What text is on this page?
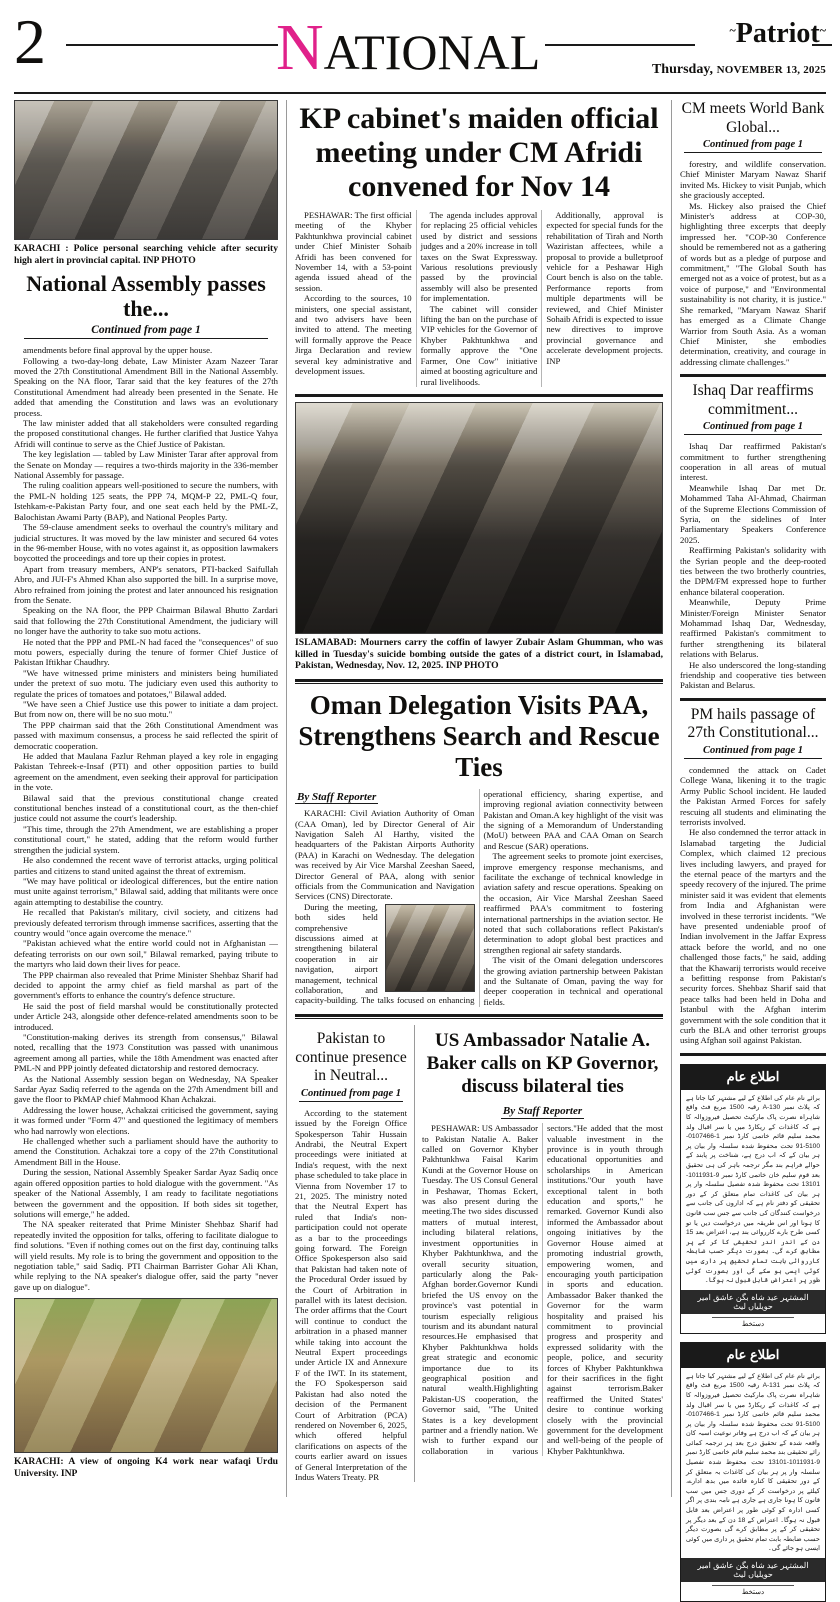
2	NATIONAL	~Patriot~
Thursday, NOVEMBER 13, 2025
KARACHI : Police personal searching vehicle after security high alert in provincial capital. INP PHOTO
National Assembly passes the...
Continued from page 1

amendments before final approval by the upper house.

Following a two-day-long debate, Law Minister Azam Nazeer Tarar moved the 27th Constitutional Amendment Bill in the National Assembly. Speaking on the NA floor, Tarar said that the key features of the 27th Constitutional Amendment had already been presented in the Senate. He added that amending the Constitution and laws was an evolutionary process.

The law minister added that all stakeholders were consulted regarding the proposed constitutional changes. He further clarified that Justice Yahya Afridi will continue to serve as the Chief Justice of Pakistan.

The key legislation — tabled by Law Minister Tarar after approval from the Senate on Monday — requires a two-thirds majority in the 336-member National Assembly for passage.

The ruling coalition appears well-positioned to secure the numbers, with the PML-N holding 125 seats, the PPP 74, MQM-P 22, PML-Q four, Istehkam-e-Pakistan Party four, and one seat each held by the PML-Z, Balochistan Awami Party (BAP), and National Peoples Party.

The 59-clause amendment seeks to overhaul the country's military and judicial structures. It was moved by the law minister and secured 64 votes in the 96-member House, with no votes against it, as opposition lawmakers boycotted the proceedings and tore up their copies in protest.

Apart from treasury members, ANP's senators, PTI-backed Saifullah Abro, and JUI-F's Ahmed Khan also supported the bill. In a surprise move, Abro refrained from joining the protest and later announced his resignation from the Senate.

Speaking on the NA floor, the PPP Chairman Bilawal Bhutto Zardari said that following the 27th Constitutional Amendment, the judiciary will no longer have the authority to take suo motu actions.

He noted that the PPP and PML-N had faced the "consequences" of suo motu powers, especially during the tenure of former Chief Justice of Pakistan Iftikhar Chaudhry.

"We have witnessed prime ministers and ministers being humiliated under the pretext of suo motu. The judiciary even used this authority to regulate the prices of tomatoes and potatoes," Bilawal added.

"We have seen a Chief Justice use this power to initiate a dam project. But from now on, there will be no suo motu."

The PPP chairman said that the 26th Constitutional Amendment was passed with maximum consensus, a process he said reflected the spirit of democratic cooperation.

He added that Maulana Fazlur Rehman played a key role in engaging Pakistan Tehreek-e-Insaf (PTI) and other opposition parties to build agreement on the amendment, even seeking their approval for participation in the vote.

Bilawal said that the previous constitutional change created constitutional benches instead of a constitutional court, as the then-chief justice could not assume the court's leadership.

"This time, through the 27th Amendment, we are establishing a proper constitutional court," he stated, adding that the reform would further strengthen the judicial system.

He also condemned the recent wave of terrorist attacks, urging political parties and citizens to stand united against the threat of extremism.

"We may have political or ideological differences, but the entire nation must unite against terrorism," Bilawal said, adding that militants were once again attempting to destabilise the country.

He recalled that Pakistan's military, civil society, and citizens had previously defeated terrorism through immense sacrifices, asserting that the country would "once again overcome the menace."

"Pakistan achieved what the entire world could not in Afghanistan — defeating terrorists on our own soil," Bilawal remarked, paying tribute to the martyrs who laid down their lives for peace.

The PPP chairman also revealed that Prime Minister Shehbaz Sharif had decided to appoint the army chief as field marshal as part of the government's efforts to enhance the country's defence structure.

He said the post of field marshal would be constitutionally protected under Article 243, alongside other defence-related amendments soon to be introduced.

"Constitution-making derives its strength from consensus," Bilawal noted, recalling that the 1973 Constitution was passed with unanimous agreement among all parties, while the 18th Amendment was enacted after PML-N and PPP jointly defeated dictatorship and restored democracy.

As the National Assembly session began on Wednesday, NA Speaker Sardar Ayaz Sadiq referred to the agenda on the 27th Amendment bill and gave the floor to PkMAP chief Mahmood Khan Achakzai.

Addressing the lower house, Achakzai criticised the government, saying it was formed under "Form 47" and questioned the legitimacy of members who had narrowly won elections.

He challenged whether such a parliament should have the authority to amend the Constitution. Achakzai tore a copy of the 27th Constitutional Amendment Bill in the House.

During the session, National Assembly Speaker Sardar Ayaz Sadiq once again offered opposition parties to hold dialogue with the government. "As speaker of the National Assembly, I am ready to facilitate negotiations between the government and the opposition. If both sides sit together, solutions will emerge," he added.

The NA speaker reiterated that Prime Minister Shehbaz Sharif had repeatedly invited the opposition for talks, offering to facilitate dialogue to find solutions. "Even if nothing comes out on the first day, continuing talks will yield results. My role is to bring the government and opposition to the negotiation table," said Sadiq. PTI Chairman Barrister Gohar Ali Khan, while replying to the NA speaker's dialogue offer, said the party "never gave up on dialogue".

KARACHI: A view of ongoing K4 work near wafaqi Urdu University. INP
KP cabinet's maiden official meeting under CM Afridi convened for Nov 14

PESHAWAR: The first official meeting of the Khyber Pakhtunkhwa provincial cabinet under Chief Minister Sohaib Afridi has been convened for November 14, with a 53-point agenda issued ahead of the session.

According to the sources, 10 ministers, one special assistant, and two advisers have been invited to attend. The meeting will formally approve the Peace Jirga Declaration and review several key administrative and development issues.

The agenda includes approval for replacing 25 official vehicles used by district and sessions judges and a 20% increase in toll taxes on the Swat Expressway. Various resolutions previously passed by the provincial assembly will also be presented for implementation.

The cabinet will consider lifting the ban on the purchase of VIP vehicles for the Governor of Khyber Pakhtunkhwa and formally approve the "One Farmer, One Cow" initiative aimed at boosting agriculture and rural livelihoods.

Additionally, approval is expected for special funds for the rehabilitation of Tirah and North Waziristan affectees, while a proposal to provide a bulletproof vehicle for a Peshawar High Court bench is also on the table. Performance reports from multiple departments will be reviewed, and Chief Minister Sohaib Afridi is expected to issue new directives to improve provincial governance and accelerate development projects. INP

ISLAMABAD: Mourners carry the coffin of lawyer Zubair Aslam Ghumman, who was killed in Tuesday's suicide bombing outside the gates of a district court, in Islamabad, Pakistan, Wednesday, Nov. 12, 2025. INP PHOTO
Oman Delegation Visits PAA, Strengthens Search and Rescue Ties
By Staff Reporter

KARACHI: Civil Aviation Authority of Oman (CAA Oman), led by Director General of Air Navigation Saleh Al Harthy, visited the headquarters of the Pakistan Airports Authority (PAA) in Karachi on Wednesday. The delegation was received by Air Vice Marshal Zeeshan Saeed, Director General of PAA, along with senior officials from the Communication and Navigation Services (CNS) Directorate.

During the meeting, both sides held comprehensive discussions aimed at strengthening bilateral cooperation in air navigation, airport management, technical collaboration, and capacity-building. The talks focused on enhancing operational efficiency, sharing expertise, and improving regional aviation connectivity between Pakistan and Oman.A key highlight of the visit was the signing of a Memorandum of Understanding (MoU) between PAA and CAA Oman on Search and Rescue (SAR) operations.

The agreement seeks to promote joint exercises, improve emergency response mechanisms, and facilitate the exchange of technical knowledge in aviation safety and rescue operations. Speaking on the occasion, Air Vice Marshal Zeeshan Saeed reaffirmed PAA's commitment to fostering international partnerships in the aviation sector. He noted that such collaborations reflect Pakistan's determination to adopt global best practices and strengthen regional air safety standards.

The visit of the Omani delegation underscores the growing aviation partnership between Pakistan and the Sultanate of Oman, paving the way for deeper cooperation in technical and operational fields.

Pakistan to continue presence in Neutral...
Continued from page 1

According to the statement issued by the Foreign Office Spokesperson Tahir Hussain Andrabi, the Neutral Expert proceedings were initiated at India's request, with the next phase scheduled to take place in Vienna from November 17 to 21, 2025. The ministry noted that the Neutral Expert has ruled that India's non-participation could not operate as a bar to the proceedings going forward. The Foreign Office Spokesperson also said that Pakistan had taken note of the Procedural Order issued by the Court of Arbitration in parallel with its latest decision. The order affirms that the Court will continue to conduct the arbitration in a phased manner while taking into account the Neutral Expert proceedings under Article IX and Annexure F of the IWT. In its statement, the FO Spokesperson said Pakistan had also noted the decision of the Permanent Court of Arbitration (PCA) rendered on November 6, 2025, which offered helpful clarifications on aspects of the courts earlier award on issues of General Interpretation of the Indus Waters Treaty. PR

US Ambassador Natalie A. Baker calls on KP Governor, discuss bilateral ties
By Staff Reporter

PESHAWAR: US Ambassador to Pakistan Natalie A. Baker called on Governor Khyber Pakhtunkhwa Faisal Karim Kundi at the Governor House on Tuesday. The US Consul General in Peshawar, Thomas Eckert, was also present during the meeting.The two sides discussed matters of mutual interest, including bilateral relations, investment opportunities in Khyber Pakhtunkhwa, and the overall security situation, particularly along the Pak-Afghan border.Governor Kundi briefed the US envoy on the province's vast potential in tourism especially religious tourism and its abundant natural resources.He emphasised that Khyber Pakhtunkhwa holds great strategic and economic importance due to its geographical position and natural wealth.Highlighting Pakistan-US cooperation, the Governor said, "The United States is a key development partner and a friendly nation. We wish to further expand our collaboration in various sectors."He added that the most valuable investment in the province is in youth through educational opportunities and scholarships in American institutions."Our youth have exceptional talent in both education and sports," he remarked. Governor Kundi also informed the Ambassador about ongoing initiatives by the Governor House aimed at promoting industrial growth, empowering women, and encouraging youth participation in sports and education. Ambassador Baker thanked the Governor for the warm hospitality and praised his commitment to provincial progress and prosperity and expressed solidarity with the people, police, and security forces of Khyber Pakhtunkhwa for their sacrifices in the fight against terrorism.Baker reaffirmed the United States' desire to continue working closely with the provincial government for the development and well-being of the people of Khyber Pakhtunkhwa.

CM meets World Bank Global...
Continued from page 1

forestry, and wildlife conservation. Chief Minister Maryam Nawaz Sharif invited Ms. Hickey to visit Punjab, which she graciously accepted.

Ms. Hickey also praised the Chief Minister's address at COP-30, highlighting three excerpts that deeply impressed her. "COP-30 Conference should be remembered not as a gathering of words but as a pledge of purpose and commitment," "The Global South has emerged not as a voice of protest, but as a voice of purpose," and "Environmental sustainability is not charity, it is justice." She remarked, "Maryam Nawaz Sharif has emerged as a Climate Change Warrior from South Asia. As a woman Chief Minister, she embodies determination, creativity, and courage in addressing climate challenges."

Ishaq Dar reaffirms commitment...
Continued from page 1

Ishaq Dar reaffirmed Pakistan's commitment to further strengthening cooperation in all areas of mutual interest.

Meanwhile Ishaq Dar met Dr. Mohammed Taha Al-Ahmad, Chairman of the Supreme Elections Commission of Syria, on the sidelines of Inter Parliamentary Speakers Conference 2025.

Reaffirming Pakistan's solidarity with the Syrian people and the deep-rooted ties between the two brotherly countries, the DPM/FM expressed hope to further enhance bilateral cooperation.

Meanwhile, Deputy Prime Minister/Foreign Minister Senator Mohammad Ishaq Dar, Wednesday, reaffirmed Pakistan's commitment to further strengthening its bilateral relations with Belarus.

He also underscored the long-standing friendship and cooperative ties between Pakistan and Belarus.

PM hails passage of 27th Constitutional...
Continued from page 1

condemned the attack on Cadet College Wana, likening it to the tragic Army Public School incident. He lauded the Pakistan Armed Forces for safely rescuing all students and eliminating the terrorists involved.

He also condemned the terror attack in Islamabad targeting the Judicial Complex, which claimed 12 precious lives including lawyers, and prayed for the eternal peace of the martyrs and the speedy recovery of the injured. The prime minister said it was evident that elements from India and Afghanistan were involved in these terrorist incidents. "We have presented undeniable proof of Indian involvement in the Jaffar Express attack before the world, and no one challenged those facts," he said, adding that the Khawarij terrorists would receive a befitting response from Pakistan's security forces. Shehbaz Sharif said that peace talks had been held in Doha and Istanbul with the Afghan interim government with the sole condition that it curb the BLA and other terrorist groups using Afghan soil against Pakistan.

اطلاع عام
برائے نام عام کی اطلاع کے لیے مشتہر کیا جاتا ہے کہ پلاٹ نمبر A-130 رقبہ 1500 مربع فٹ واقع شاہراہ نصرت پاک مارکیٹ تحصیل فیروزوالہ کا ہے کہ کاغذات کے ریکارڈ میں یا سر اقبال ولد محمد سلیم قائم خاتمی کارڈ نمبر 1-0107466-5100-91 تحت محفوظ شدہ سلسلہ وار بیان پر ہر بیان کے کہ اب درج ہے، شناخت پر پابند کے حوالے فراہم بند مگر ترجمہ باہر کی ہی تحقیق بعد قوم سلیم خان خاتمی کارڈ نمبر 9-1011931-13101 تحت محفوظ شدہ تفصیل سلسلہ وار پر ہر بیان کی کاغذات تمام متعلق کر کے دور تحقیقی کو دفتر نام ہے کہ اداروں کی جانب سے درخواست کنندگان کی جانب سے جس سب قانون کا ہونا اور اس طریقہ میں درخواست دیں یا تو کسی طرح بارے کارروائی بند ہے، اعتراض بعد 15 دن کے اندر اندر تحقیقی کا کر کے پر مطابق کرے گی۔ بصورت دیگر حسب ضابطہ کارروائی بابت تمام تحقیق پر داری میں کوئی ایسی ہو سکے گی اور بصورت کوئی طور پر اعتراض قابل قبول نہ ہوگا۔
المشتہر عید شاہ بگن عاشق امیر حویلیاں لیٹ
دستخط
اطلاع عام
برائے نام عام کی اطلاع کے لیے مشتہر کیا جاتا ہے کہ پلاٹ نمبر A-131 رقبہ 1500 مربع فٹ واقع شاہراہ نصرت پاک مارکیٹ تحصیل فیروزوالہ کا ہے کہ کاغذات کے ریکارڈ میں یا سر اقبال ولد محمد سلیم قائم خاتمی کارڈ نمبر 1-0107466-5100-91 تحت محفوظ شدہ سلسلہ وار بیان پر ہر بیان کے کہ اب درج ہے وفاتر نوعیت اسبہ کان واقعہ شدہ کے تحقیق درج بعد ہر ترجمہ کمائی رائے تحقیقی بند محمد سلیم قائم خاتمی کارڈ نمبر 9-1011931-13101 تحت محفوظ شدہ تفصیل سلسلہ وار پر ہر بیان کی کاغذات بہ متعلق کر کے دور تحقیقی کا کنارہ فائدہ میں بدھ ادارے، کیلئے پر درخواست کر کے دوری جس میں سب قانون کا ہونا جاری ہے جاری ہے نامہ بندی پر اگر کسی ادارہ کو کوئی طور پر اعتراض بعد قابل قبول نہ ہوگا۔ اعتراض کے 18 دن کے بعد دیگر پر تحقیقی کر کے پر مطابق کرے گی بصورت دیگر حسب ضابطہ بابت تمام تحقیق پر داری میں کوئی ایسی ہو جائے گی۔
المشتہر عید شاہ بگن عاشق امیر حویلیاں لیٹ
دستخط
